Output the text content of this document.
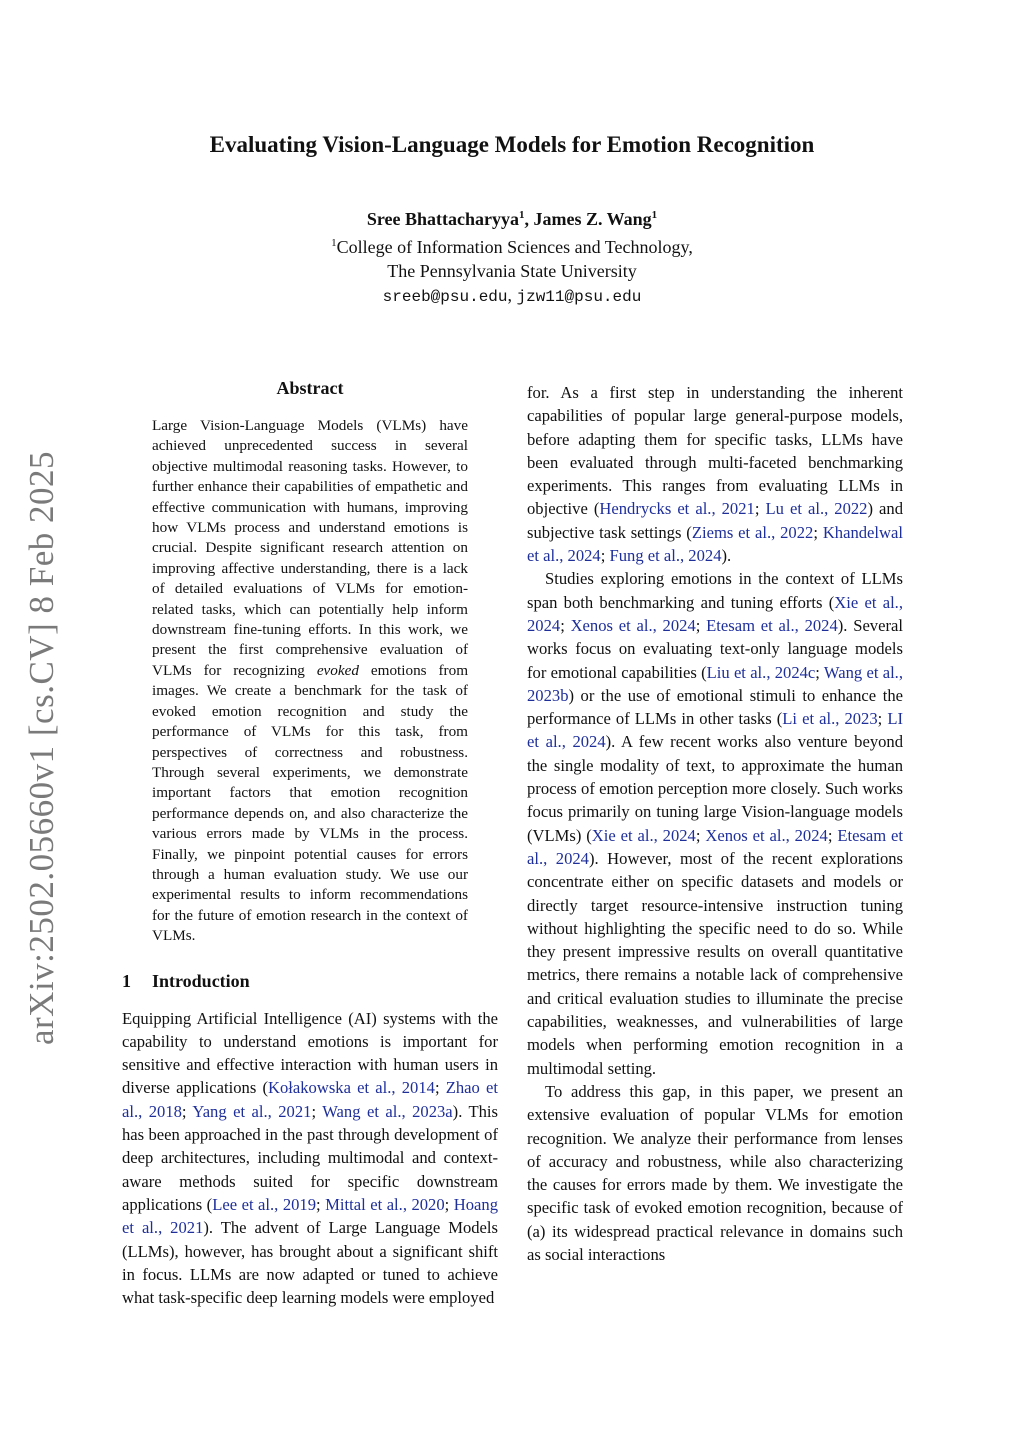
arXiv:2502.05660v1 [cs.CV] 8 Feb 2025
Evaluating Vision-Language Models for Emotion Recognition
Sree Bhattacharyya$^1$, James Z. Wang$^1$
$^1$College of Information Sciences and Technology,
The Pennsylvania State University
sreeb@psu.edu, jzw11@psu.edu
Abstract
Large Vision-Language Models (VLMs) have achieved unprecedented success in several objective multimodal reasoning tasks. However, to further enhance their capabilities of empathetic and effective communication with humans, improving how VLMs process and understand emotions is crucial. Despite significant research attention on improving affective understanding, there is a lack of detailed evaluations of VLMs for emotion-related tasks, which can potentially help inform downstream fine-tuning efforts. In this work, we present the first comprehensive evaluation of VLMs for recognizing evoked emotions from images. We create a benchmark for the task of evoked emotion recognition and study the performance of VLMs for this task, from perspectives of correctness and robustness. Through several experiments, we demonstrate important factors that emotion recognition performance depends on, and also characterize the various errors made by VLMs in the process. Finally, we pinpoint potential causes for errors through a human evaluation study. We use our experimental results to inform recommendations for the future of emotion research in the context of VLMs.
1 Introduction

Equipping Artificial Intelligence (AI) systems with the capability to understand emotions is important for sensitive and effective interaction with human users in diverse applications (Kołakowska et al., 2014; Zhao et al., 2018; Yang et al., 2021; Wang et al., 2023a). This has been approached in the past through development of deep architectures, including multimodal and context-aware methods suited for specific downstream applications (Lee et al., 2019; Mittal et al., 2020; Hoang et al., 2021). The advent of Large Language Models (LLMs), however, has brought about a significant shift in focus. LLMs are now adapted or tuned to achieve what task-specific deep learning models were employed

for. As a first step in understanding the inherent capabilities of popular large general-purpose models, before adapting them for specific tasks, LLMs have been evaluated through multi-faceted benchmarking experiments. This ranges from evaluating LLMs in objective (Hendrycks et al., 2021; Lu et al., 2022) and subjective task settings (Ziems et al., 2022; Khandelwal et al., 2024; Fung et al., 2024).

Studies exploring emotions in the context of LLMs span both benchmarking and tuning efforts (Xie et al., 2024; Xenos et al., 2024; Etesam et al., 2024). Several works focus on evaluating text-only language models for emotional capabilities (Liu et al., 2024c; Wang et al., 2023b) or the use of emotional stimuli to enhance the performance of LLMs in other tasks (Li et al., 2023; LI et al., 2024). A few recent works also venture beyond the single modality of text, to approximate the human process of emotion perception more closely. Such works focus primarily on tuning large Vision-language models (VLMs) (Xie et al., 2024; Xenos et al., 2024; Etesam et al., 2024). However, most of the recent explorations concentrate either on specific datasets and models or directly target resource-intensive instruction tuning without highlighting the specific need to do so. While they present impressive results on overall quantitative metrics, there remains a notable lack of comprehensive and critical evaluation studies to illuminate the precise capabilities, weaknesses, and vulnerabilities of large models when performing emotion recognition in a multimodal setting.

To address this gap, in this paper, we present an extensive evaluation of popular VLMs for emotion recognition. We analyze their performance from lenses of accuracy and robustness, while also characterizing the causes for errors made by them. We investigate the specific task of evoked emotion recognition, because of (a) its widespread practical relevance in domains such as social interactions
